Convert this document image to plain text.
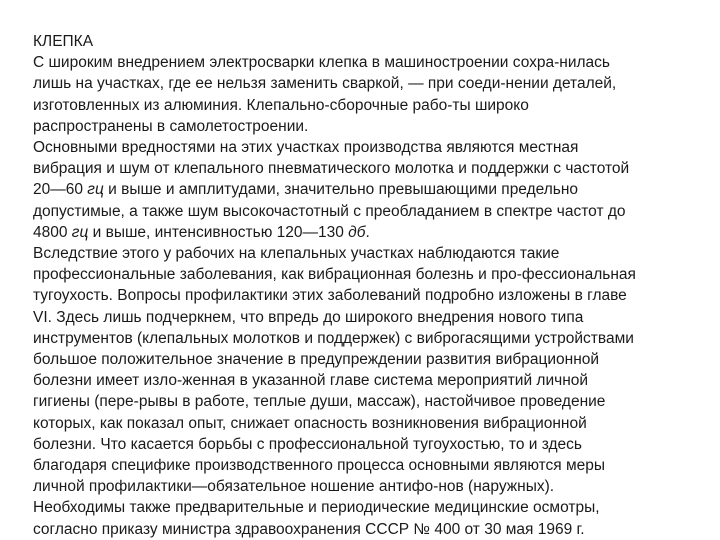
КЛЕПКА
С широким внедрением электросварки клепка в машиностроении сохра-нилась
лишь на участках, где ее нельзя заменить сваркой, — при соеди-нении деталей,
изготовленных из алюминия. Клепально-сборочные рабо-ты широко
распространены в самолетостроении.
Основными вредностями на этих участках производства являются местная
вибрация и шум от клепального пневматического молотка и поддержки с частотой
20—60 гц и выше и амплитудами, значительно превышающими предельно
допустимые, а также шум высокочастотный с преобладанием в спектре частот до
4800 гц и выше, интенсивностью 120—130 дб.
Вследствие этого у рабочих на клепальных участках наблюдаются такие
профессиональные заболевания, как вибрационная болезнь и про-фессиональная
тугоухость. Вопросы профилактики этих заболеваний подробно изложены в главе
VI. Здесь лишь подчеркнем, что впредь до широкого внедрения нового типа
инструментов (клепальных молотков и поддержек) с виброгасящими устройствами
большое положительное значение в предупреждении развития вибрационной
болезни имеет изло-женная в указанной главе система мероприятий личной
гигиены (пере-рывы в работе, теплые души, массаж), настойчивое проведение
которых, как показал опыт, снижает опасность возникновения вибрационной
болезни. Что касается борьбы с профессиональной тугоухостью, то и здесь
благодаря специфике производственного процесса основными являются меры
личной профилактики—обязательное ношение антифо-нов (наружных).
Необходимы также предварительные и периодические медицинские осмотры,
согласно приказу министра здравоохранения СССР № 400 от 30 мая 1969 г.
